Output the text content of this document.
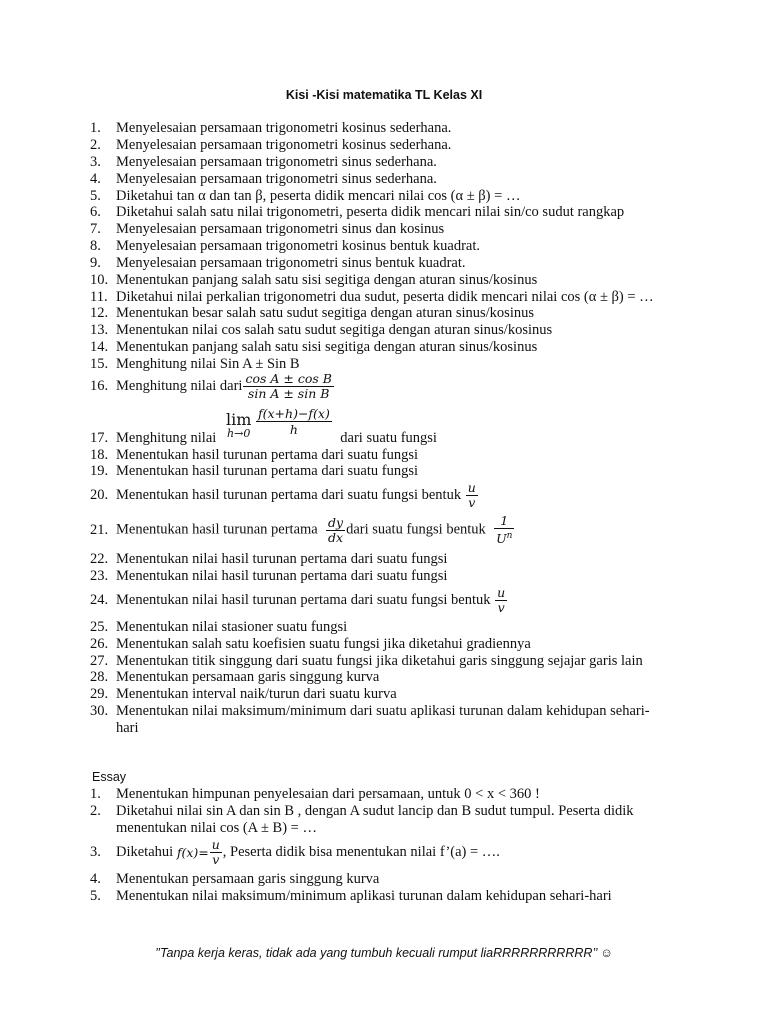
Kisi -Kisi matematika TL Kelas XI
1. Menyelesaian persamaan trigonometri kosinus sederhana.
2. Menyelesaian persamaan trigonometri kosinus sederhana.
3. Menyelesaian persamaan trigonometri sinus sederhana.
4. Menyelesaian persamaan trigonometri sinus sederhana.
5. Diketahui tan α dan tan β, peserta didik mencari nilai cos (α ± β) = …
6. Diketahui salah satu nilai trigonometri, peserta didik mencari nilai sin/co sudut rangkap
7. Menyelesaian persamaan trigonometri sinus dan kosinus
8. Menyelesaian persamaan trigonometri kosinus bentuk kuadrat.
9. Menyelesaian persamaan trigonometri sinus bentuk kuadrat.
10. Menentukan panjang salah satu sisi segitiga dengan aturan sinus/kosinus
11. Diketahui nilai perkalian trigonometri dua sudut, peserta didik mencari nilai cos (α ± β) = …
12. Menentukan besar salah satu sudut segitiga dengan aturan sinus/kosinus
13. Menentukan nilai cos salah satu sudut segitiga dengan aturan sinus/kosinus
14. Menentukan panjang salah satu sisi segitiga dengan aturan sinus/kosinus
15. Menghitung nilai Sin A ± Sin B
16. Menghitung nilai dari $\frac{\text{cos A ± cos B}}{\text{sin A ± sin B}}$
lim
h→0
f(x+h)−f(x)
h
17. Menghitung nilai	dari suatu fungsi
18. Menentukan hasil turunan pertama dari suatu fungsi
19. Menentukan hasil turunan pertama dari suatu fungsi
20. Menentukan hasil turunan pertama dari suatu fungsi bentuk $\frac{u}{v}$
21. Menentukan hasil turunan pertama $\frac{dy}{dx}$ dari suatu fungsi bentuk $\frac{1}{U^n}$
22. Menentukan nilai hasil turunan pertama dari suatu fungsi
23. Menentukan nilai hasil turunan pertama dari suatu fungsi
24. Menentukan nilai hasil turunan pertama dari suatu fungsi bentuk $\frac{u}{v}$
25. Menentukan nilai stasioner suatu fungsi
26. Menentukan salah satu koefisien suatu fungsi jika diketahui gradiennya
27. Menentukan titik singgung dari suatu fungsi jika diketahui garis singgung sejajar garis lain
28. Menentukan persamaan garis singgung kurva
29. Menentukan interval naik/turun dari suatu kurva
30. Menentukan nilai maksimum/minimum dari suatu aplikasi turunan dalam kehidupan sehari-
hari
Essay
1. Menentukan himpunan penyelesaian dari persamaan, untuk 0 < x < 360 !
2. Diketahui nilai sin A dan sin B , dengan A sudut lancip dan B sudut tumpul. Peserta didik
menentukan nilai cos (A ± B) = …
3. Diketahui $f(x)= \frac{u}{v}$ , Peserta didik bisa menentukan nilai f’(a) = ….
4. Menentukan persamaan garis singgung kurva
5. Menentukan nilai maksimum/minimum aplikasi turunan dalam kehidupan sehari-hari
’’Tanpa kerja keras, tidak ada yang tumbuh kecuali rumput liaRRRRRRRRRRR’’ ☺
